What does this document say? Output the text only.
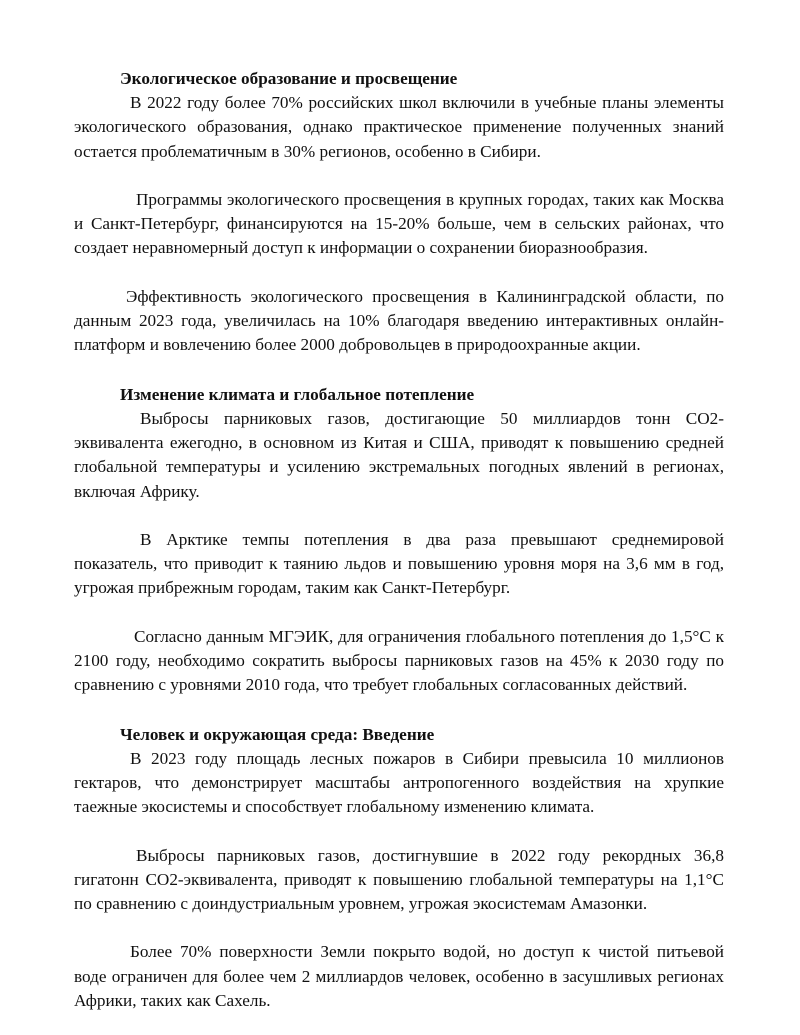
Экологическое образование и просвещение

В 2022 году более 70% российских школ включили в учебные планы элементы экологического образования, однако практическое применение полученных знаний остается проблематичным в 30% регионов, особенно в Сибири.

Программы экологического просвещения в крупных городах, таких как Москва и Санкт-Петербург, финансируются на 15-20% больше, чем в сельских районах, что создает неравномерный доступ к информации о сохранении биоразнообразия.

Эффективность экологического просвещения в Калининградской области, по данным 2023 года, увеличилась на 10% благодаря введению интерактивных онлайн-платформ и вовлечению более 2000 добровольцев в природоохранные акции.

Изменение климата и глобальное потепление

Выбросы парниковых газов, достигающие 50 миллиардов тонн CO2-эквивалента ежегодно, в основном из Китая и США, приводят к повышению средней глобальной температуры и усилению экстремальных погодных явлений в регионах, включая Африку.

В Арктике темпы потепления в два раза превышают среднемировой показатель, что приводит к таянию льдов и повышению уровня моря на 3,6 мм в год, угрожая прибрежным городам, таким как Санкт-Петербург.

Согласно данным МГЭИК, для ограничения глобального потепления до 1,5°C к 2100 году, необходимо сократить выбросы парниковых газов на 45% к 2030 году по сравнению с уровнями 2010 года, что требует глобальных согласованных действий.

Человек и окружающая среда: Введение

В 2023 году площадь лесных пожаров в Сибири превысила 10 миллионов гектаров, что демонстрирует масштабы антропогенного воздействия на хрупкие таежные экосистемы и способствует глобальному изменению климата.

Выбросы парниковых газов, достигнувшие в 2022 году рекордных 36,8 гигатонн CO2-эквивалента, приводят к повышению глобальной температуры на 1,1°C по сравнению с доиндустриальным уровнем, угрожая экосистемам Амазонки.

Более 70% поверхности Земли покрыто водой, но доступ к чистой питьевой воде ограничен для более чем 2 миллиардов человек, особенно в засушливых регионах Африки, таких как Сахель.
